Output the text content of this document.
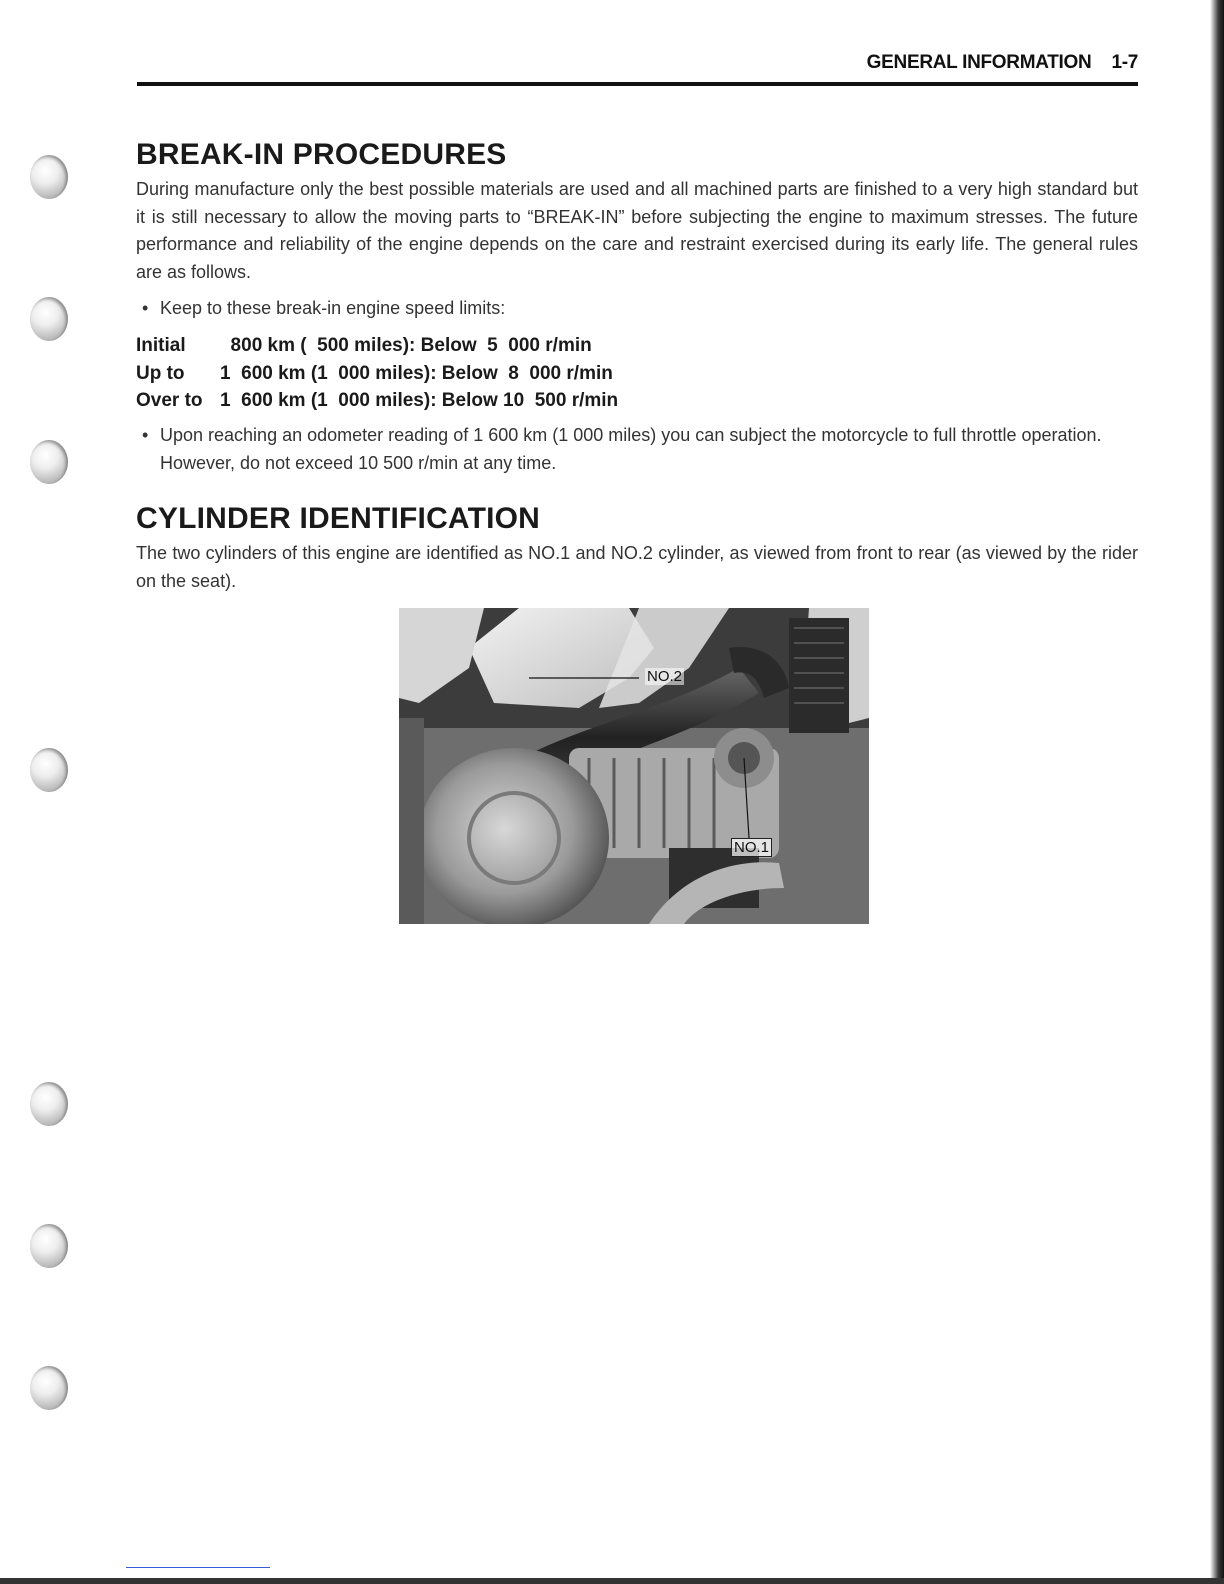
GENERAL INFORMATION 1-7
BREAK-IN PROCEDURES

During manufacture only the best possible materials are used and all machined parts are finished to a very high standard but it is still necessary to allow the moving parts to “BREAK-IN” before subjecting the engine to maximum stresses. The future performance and reliability of the engine depends on the care and restraint exercised during its early life. The general rules are as follows.

• Keep to these break-in engine speed limits:
Initial	800 km (  500 miles): Below  5  000 r/min
Up to	1  600 km (1  000 miles): Below  8  000 r/min
Over to 1  600 km (1  000 miles): Below 10  500 r/min
• Upon reaching an odometer reading of 1 600 km (1 000 miles) you can subject the motorcycle to full throttle operation. However, do not exceed 10 500 r/min at any time.
CYLINDER IDENTIFICATION

The two cylinders of this engine are identified as NO.1 and NO.2 cylinder, as viewed from front to rear (as viewed by the rider on the seat).

NO.2
NO.1
